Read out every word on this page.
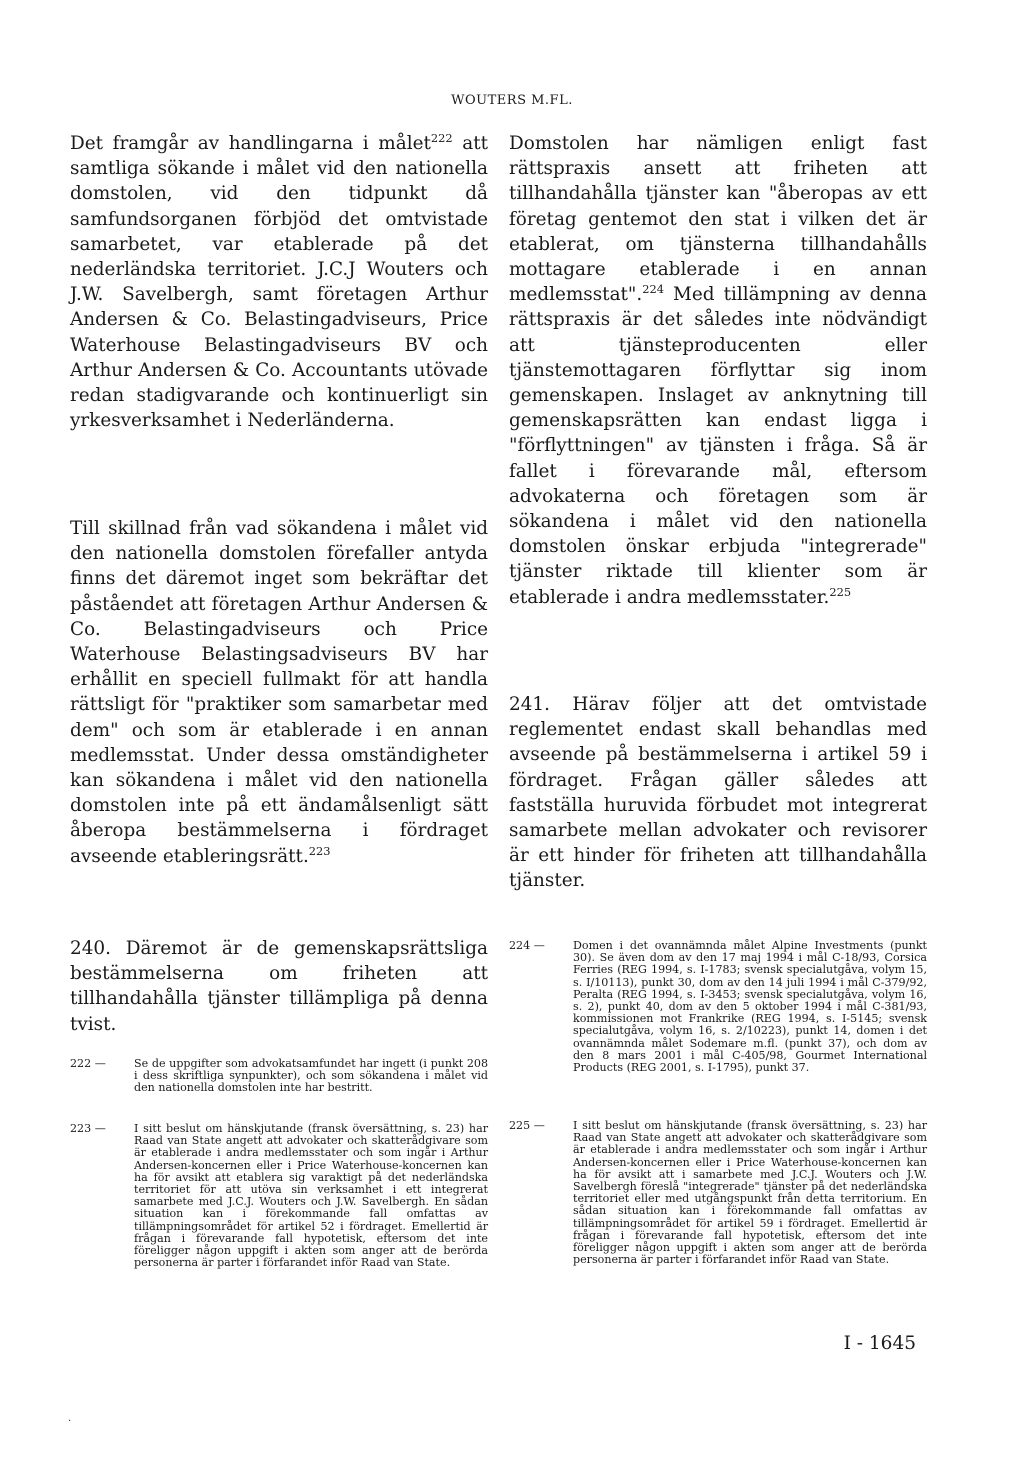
WOUTERS M.FL.

Det framgår av handlingarna i målet$^{222}$ att samtliga sökande i målet vid den nationella domstolen, vid den tidpunkt då samfundsorganen förbjöd det omtvistade samarbetet, var etablerade på det nederländska territoriet. J.C.J Wouters och J.W. Savelbergh, samt företagen Arthur Andersen & Co. Belastingadviseurs, Price Waterhouse Belastingadviseurs BV och Arthur Andersen & Co. Accountants utövade redan stadigvarande och kontinuerligt sin yrkesverksamhet i Nederländerna.

Till skillnad från vad sökandena i målet vid den nationella domstolen förefaller antyda finns det däremot inget som bekräftar det påståendet att företagen Arthur Andersen & Co. Belastingadviseurs och Price Waterhouse Belastingsadviseurs BV har erhållit en speciell fullmakt för att handla rättsligt för "praktiker som samarbetar med dem" och som är etablerade i en annan medlemsstat. Under dessa omständigheter kan sökandena i målet vid den nationella domstolen inte på ett ändamålsenligt sätt åberopa bestämmelserna i fördraget avseende etableringsrätt.$^{223}$

240. Däremot är de gemenskapsrättsliga bestämmelserna om friheten att tillhandahålla tjänster tillämpliga på denna tvist.

222 —	Se de uppgifter som advokatsamfundet har ingett (i punkt 208 i dess skriftliga synpunkter), och som sökandena i målet vid den nationella domstolen inte har bestritt.
223 —	I sitt beslut om hänskjutande (fransk översättning, s. 23) har Raad van State angett att advokater och skatterådgivare som är etablerade i andra medlemsstater och som ingår i Arthur Andersen-koncernen eller i Price Waterhouse-koncernen kan ha för avsikt att etablera sig varaktigt på det nederländska territoriet för att utöva sin verksamhet i ett integrerat samarbete med J.C.J. Wouters och J.W. Savelbergh. En sådan situation kan i förekommande fall omfattas av tillämpningsområdet för artikel 52 i fördraget. Emellertid är frågan i förevarande fall hypotetisk, eftersom det inte föreligger någon uppgift i akten som anger att de berörda personerna är parter i förfarandet inför Raad van State.

Domstolen har nämligen enligt fast rättspraxis ansett att friheten att tillhandahålla tjänster kan "åberopas av ett företag gentemot den stat i vilken det är etablerat, om tjänsterna tillhandahålls mottagare etablerade i en annan medlemsstat".$^{224}$ Med tillämpning av denna rättspraxis är det således inte nödvändigt att tjänsteproducenten eller tjänstemottagaren förflyttar sig inom gemenskapen. Inslaget av anknytning till gemenskapsrätten kan endast ligga i "förflyttningen" av tjänsten i fråga. Så är fallet i förevarande mål, eftersom advokaterna och företagen som är sökandena i målet vid den nationella domstolen önskar erbjuda "integrerade" tjänster riktade till klienter som är etablerade i andra medlemsstater.$^{225}$

241. Härav följer att det omtvistade reglementet endast skall behandlas med avseende på bestämmelserna i artikel 59 i fördraget. Frågan gäller således att fastställa huruvida förbudet mot integrerat samarbete mellan advokater och revisorer är ett hinder för friheten att tillhandahålla tjänster.

224 —	Domen i det ovannämnda målet Alpine Investments (punkt 30). Se även dom av den 17 maj 1994 i mål C-18/93, Corsica Ferries (REG 1994, s. I-1783; svensk specialutgåva, volym 15, s. I/10113), punkt 30, dom av den 14 juli 1994 i mål C-379/92, Peralta (REG 1994, s. I-3453; svensk specialutgåva, volym 16, s. 2), punkt 40, dom av den 5 oktober 1994 i mål C-381/93, kommissionen mot Frankrike (REG 1994, s. I-5145; svensk specialutgåva, volym 16, s. 2/10223), punkt 14, domen i det ovannämnda målet Sodemare m.fl. (punkt 37), och dom av den 8 mars 2001 i mål C-405/98, Gourmet International Products (REG 2001, s. I-1795), punkt 37.
225 —	I sitt beslut om hänskjutande (fransk översättning, s. 23) har Raad van State angett att advokater och skatterådgivare som är etablerade i andra medlemsstater och som ingår i Arthur Andersen-koncernen eller i Price Waterhouse-koncernen kan ha för avsikt att i samarbete med J.C.J. Wouters och J.W. Savelbergh föreslå "integrerade" tjänster på det nederländska territoriet eller med utgångspunkt från detta territorium. En sådan situation kan i förekommande fall omfattas av tillämpningsområdet för artikel 59 i fördraget. Emellertid är frågan i förevarande fall hypotetisk, eftersom det inte föreligger någon uppgift i akten som anger att de berörda personerna är parter i förfarandet inför Raad van State.
I - 1645
.
